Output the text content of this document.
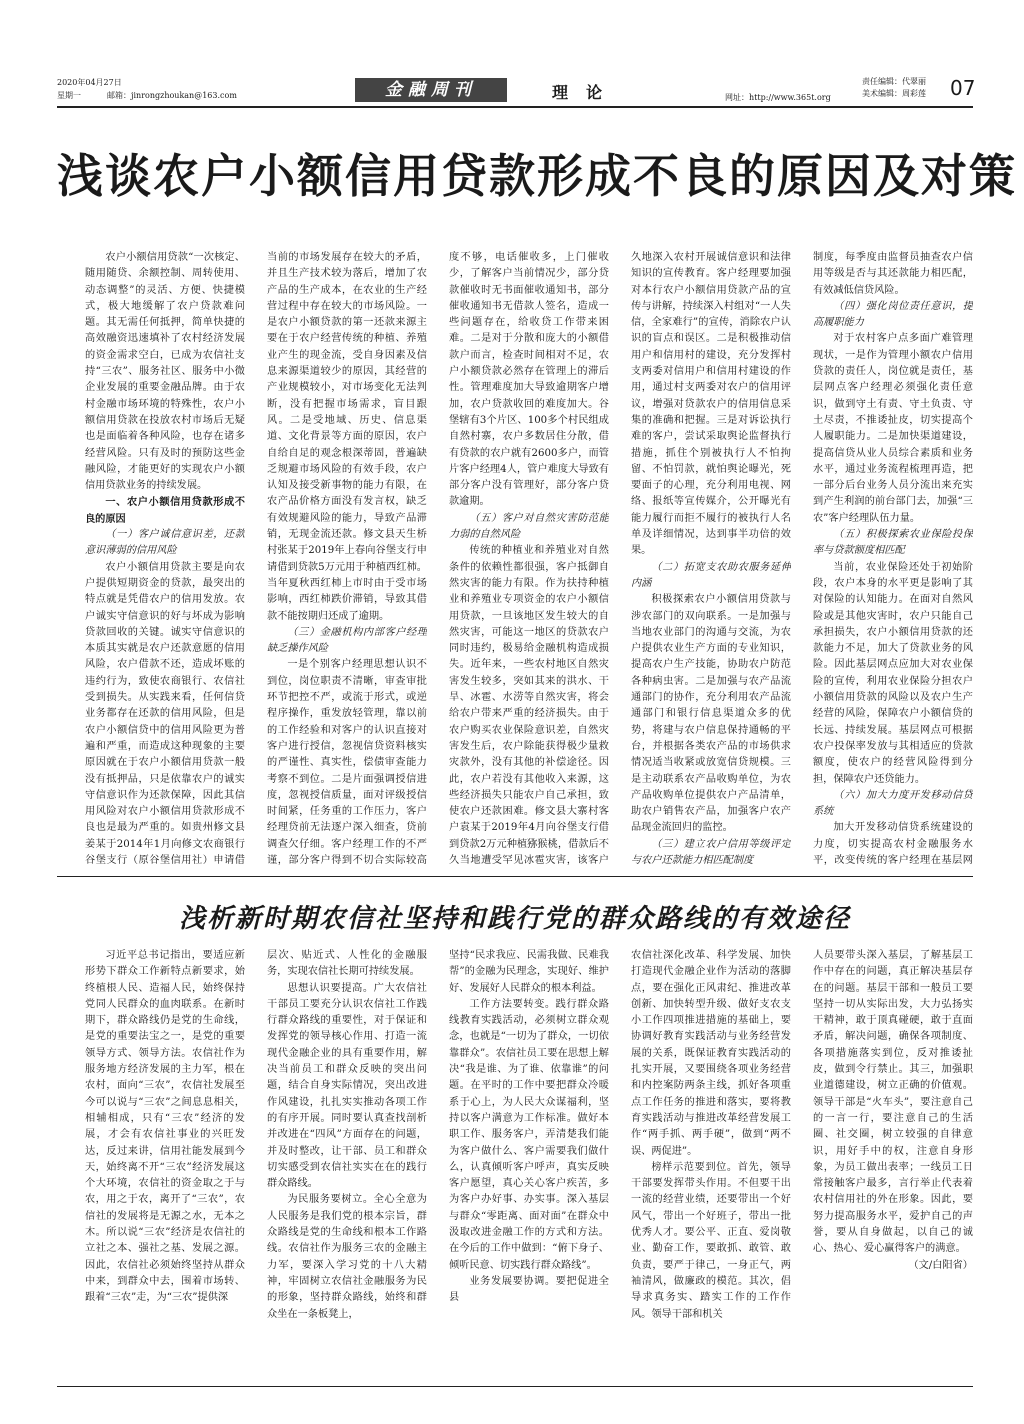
2020年04月27日
星期一	邮箱：jinrongzhoukan@163.com	金融周刊	理论	网址：http://www.365t.org
责任编辑：代翠丽
美术编辑：周彩莲 07
浅谈农户小额信用贷款形成不良的原因及对策

农户小额信用贷款“一次核定、随用随贷、余额控制、周转使用、动态调整”的灵活、方便、快捷模式，极大地缓解了农户贷款难问题。其无需任何抵押，简单快捷的高效融资迅速填补了农村经济发展的资金需求空白，已成为农信社支持“三农”、服务社区、服务中小微企业发展的重要金融品牌。由于农村金融市场环境的特殊性，农户小额信用贷款在投放农村市场后无疑也是面临着各种风险，也存在诸多经营风险。只有及时的预防这些金融风险，才能更好的实现农户小额信用贷款业务的持续发展。

一、农户小额信用贷款形成不良的原因

（一）客户诚信意识差，还款意识薄弱的信用风险

农户小额信用贷款主要是向农户提供短期资金的贷款，最突出的特点就是凭借农户的信用发放。农户诚实守信意识的好与坏成为影响贷款回收的关键。诚实守信意识的本质其实就是农户还款意愿的信用风险，农户借款不还，造成坏账的违约行为，致使农商银行、农信社受到损失。从实践来看，任何信贷业务都存在还款的信用风险，但是农户小额信贷中的信用风险更为普遍和严重，而造成这种现象的主要原因就在于农户小额信用贷款一般没有抵押品，只是依靠农户的诚实守信意识作为还款保障，因此其信用风险对农户小额信用贷款形成不良也是最为严重的。如贵州修文县姜某于2014年1月向修文农商银行谷堡支行（原谷堡信用社）申请借

当前的市场发展存在较大的矛盾，并且生产技术较为落后，增加了农产品的生产成本，在农业的生产经营过程中存在较大的市场风险。一是农户小额贷款的第一还款来源主要在于农户经营传统的种植、养殖业产生的现金流，受自身因素及信息来源渠道较少的原因，其经营的产业规模较小，对市场变化无法判断，没有把握市场需求，盲目跟风。二是受地域、历史、信息渠道、文化背景等方面的原因，农户自给自足的观念根深蒂固，普遍缺乏规避市场风险的有效手段，农户认知及接受新事物的能力有限，在农产品价格方面没有发言权，缺乏有效规避风险的能力，导致产品滞销，无现金流还款。修文县天生桥村张某于2019年上春向谷堡支行申请借到贷款5万元用于种植西红柿。当年夏秋西红柿上市时由于受市场影响，西红柿跌价滞销，导致其借款不能按期归还成了逾期。

（三）金融机构内部客户经理缺乏操作风险

一是个别客户经理思想认识不到位，岗位职责不清晰，审查审批环节把控不严，或流于形式，或逆程序操作，重发放轻管理，靠以前的工作经验和对客户的认识直接对客户进行授信，忽视信贷资料核实的严谨性、真实性，偿债审查能力考察不到位。二是片面强调授信进度，忽视授信质量，面对评级授信时间紧，任务重的工作压力，客户经理贷前无法逐户深入细查，贷前调查欠仔细。客户经理工作的不严谨，部分客户得到不切合实际较高

度不够，电话催收多，上门催收少，了解客户当前情况少，部分贷款催收时无书面催收通知书，部分催收通知书无借款人签名，造成一些问题存在，给收贷工作带来困难。二是对于分散和庞大的小额借款户而言，检查时间相对不足，农户小额贷款必然存在管理上的滞后性。管理难度加大导致逾期客户增加，农户贷款收回的难度加大。谷堡辖有3个片区、100多个村民组成自然村寨，农户多数居住分散，借有贷款的农户就有2600多户，而管片客户经理4人，管户难度大导致有部分客户没有管理好，部分客户贷款逾期。

（五）客户对自然灾害防范能力弱的自然风险

传统的种植业和养殖业对自然条件的依赖性都很强，客户抵御自然灾害的能力有限。作为扶持种植业和养殖业专项资金的农户小额信用贷款，一旦该地区发生较大的自然灾害，可能这一地区的贷款农户同时违约，极易给金融机构造成损失。近年来，一些农村地区自然灾害发生较多，突如其来的洪水、干旱、冰雹、水涝等自然灾害，将会给农户带来严重的经济损失。由于农户购买农业保险意识差，自然灾害发生后，农户除能获得极少量救灾款外，没有其他的补偿途径。因此，农户若没有其他收入来源，这些经济损失只能农户自己承担，致使农户还款困难。修文县大寨村客户袁某于2019年4月向谷堡支行借到贷款2万元种植猕猴桃，借款后不久当地遭受罕见冰雹灾害，该客户

久地深入农村开展诚信意识和法律知识的宣传教育。客户经理要加强对本行农户小额信用贷款产品的宣传与讲解，持续深入村组对“一人失信，全家难行”的宣传，消除农户认识的盲点和误区。二是积极推动信用户和信用村的建设，充分发挥村支两委对信用户和信用村建设的作用，通过村支两委对农户的信用评议，增强对贷款农户的信用信息采集的准确和把握。三是对诉讼执行难的客户，尝试采取舆论监督执行措施，抓住个别被执行人不怕拘留、不怕罚款，就怕舆论曝光，死要面子的心理，充分利用电视、网络、报纸等宣传媒介，公开曝光有能力履行而拒不履行的被执行人名单及详细情况，达到事半功倍的效果。

（二）拓宽支农助农服务延伸内涵

积极探索农户小额信用贷款与涉农部门的双向联系。一是加强与当地农业部门的沟通与交流，为农户提供农业生产方面的专业知识，提高农户生产技能，协助农户防范各种病虫害。二是加强与农产品流通部门的协作，充分利用农产品流通部门和银行信息渠道众多的优势，将建与农户信息保持通畅的平台，并根据各类农产品的市场供求情况适当收紧或放宽信贷规模。三是主动联系农产品收购单位，为农产品收购单位提供农户产品清单，助农户销售农产品，加强客户农产品现金流回归的监控。

（三）建立农户信用等级评定与农户还款能力相匹配制度

制度，每季度由监督员抽查农户信用等级是否与其还款能力相匹配，有效减低信贷风险。

（四）强化岗位责任意识，提高履职能力

对于农村客户点多面广难管理现状，一是作为管理小额农户信用贷款的责任人，岗位就是责任，基层网点客户经理必须强化责任意识，做到守土有责、守土负责、守土尽责，不推诿扯皮，切实提高个人履职能力。二是加快渠道建设，提高信贷从业人员综合素质和业务水平，通过业务流程梳理再造，把一部分后台业务人员分流出来充实到产生利润的前台部门去，加强“三农”客户经理队伍力量。

（五）积极探索农业保险投保率与贷款额度相匹配

当前，农业保险还处于初始阶段，农户本身的水平更是影响了其对保险的认知能力。在面对自然风险或是其他灾害时，农户只能自己承担损失，农户小额信用贷款的还款能力不足，加大了贷款业务的风险。因此基层网点应加大对农业保险的宣传，利用农业保险分担农户小额信用贷款的风险以及农户生产经营的风险，保障农户小额信贷的长远、持续发展。基层网点可根据农户投保率发放与其相适应的贷款额度，使农户的经营风险得到分担，保障农户还贷能力。

（六）加大力度开发移动信贷系统

加大开发移动信贷系统建设的力度，切实提高农村金融服务水平，改变传统的客户经理在基层网

浅析新时期农信社坚持和践行党的群众路线的有效途径

习近平总书记指出，要适应新形势下群众工作新特点新要求，始终植根人民、造福人民，始终保持党同人民群众的血肉联系。在新时期下，群众路线仍是党的生命线，是党的重要法宝之一，是党的重要领导方式、领导方法。农信社作为服务地方经济发展的主力军，根在农村，面向“三农”，农信社发展至今可以说与“三农”之间息息相关，相辅相成，只有“三农”经济的发展，才会有农信社事业的兴旺发达，反过来讲，信用社能发展到今天，始终离不开“三农”经济发展这个大环境，农信社的资金取之于与农，用之于农，离开了“三农”，农信社的发展将是无源之水，无本之木。所以说“三农”经济是农信社的立社之本、强社之基、发展之源。因此，农信社必须始终坚持从群众中来，到群众中去，围着市场转、跟着“三农”走，为“三农”提供深

层次、贴近式、人性化的金融服务，实现农信社长期可持续发展。

思想认识要提高。广大农信社干部员工要充分认识农信社工作践行群众路线的重要性，对于保证和发挥党的领导核心作用、打造一流现代金融企业的具有重要作用，解决当前员工和群众反映的突出问题，结合自身实际情况，突出改进作风建设，扎扎实实推动各项工作的有序开展。同时要认真查找剖析并改进在“四风”方面存在的问题，并及时整改，让干部、员工和群众切实感受到农信社实实在在的践行群众路线。

为民服务要树立。全心全意为人民服务是我们党的根本宗旨，群众路线是党的生命线和根本工作路线。农信社作为服务三农的金融主力军，要深入学习党的十八大精神，牢固树立农信社金融服务为民的形象，坚持群众路线，始终和群众坐在一条板凳上，

坚持“民求我应、民需我做、民难我帮”的金融为民理念，实现好、维护好、发展好人民群众的根本利益。

工作方法要转变。践行群众路线教育实践活动，必须树立群众观念，也就是“一切为了群众，一切依靠群众”。农信社员工要在思想上解决“我是谁、为了谁、依靠谁”的问题。在平时的工作中要把群众冷暖系于心上，为人民大众谋福利，坚持以客户满意为工作标准。做好本职工作、服务客户，弄清楚我们能为客户做什么、客户需要我们做什么，认真倾听客户呼声，真实反映客户愿望，真心关心客户疾苦，多为客户办好事、办实事。深入基层与群众“零距离、面对面”在群众中汲取改进金融工作的方式和方法。在今后的工作中做到：“俯下身子、倾听民意、切实践行群众路线”。

业务发展要协调。要把促进全县

农信社深化改革、科学发展、加快打造现代金融企业作为活动的落脚点，要在强化正风肃纪、推进改革创新、加快转型升级、做好支农支小工作四项推进措施的基础上，要协调好教育实践活动与业务经营发展的关系，既保证教育实践活动的扎实开展，又要围绕各项业务经营和内控案防两条主线，抓好各项重点工作任务的推进和落实，要将教育实践活动与推进改革经营发展工作“两手抓、两手硬”，做到“两不误、两促进”。

榜样示范要到位。首先，领导干部要发挥带头作用。不但要干出一流的经营业绩，还要带出一个好风气，带出一个好班子，带出一批优秀人才。要公平、正直、爱岗敬业、勤奋工作，要敢抓、敢管、敢负责，要严于律己，一身正气，两袖清风，做廉政的模范。其次，倡导求真务实、踏实工作的工作作风。领导干部和机关

人员要带头深入基层，了解基层工作中存在的问题，真正解决基层存在的问题。基层干部和一般员工要坚持一切从实际出发，大力弘扬实干精神，敢于顶真碰硬，敢于直面矛盾，解决问题，确保各项制度、各项措施落实到位，反对推诿扯皮，做到令行禁止。其三，加强职业道德建设，树立正确的价值观。领导干部是“火车头”，要注意自己的一言一行，要注意自己的生活圈、社交圈，树立较强的自律意识，用好手中的权，注意自身形象，为员工做出表率；一线员工日常接触客户最多，言行举止代表着农村信用社的外在形象。因此，要努力提高服务水平，爱护自己的声誉，要从自身做起，以自己的诚心、热心、爱心赢得客户的满意。

（文/白阳省）
